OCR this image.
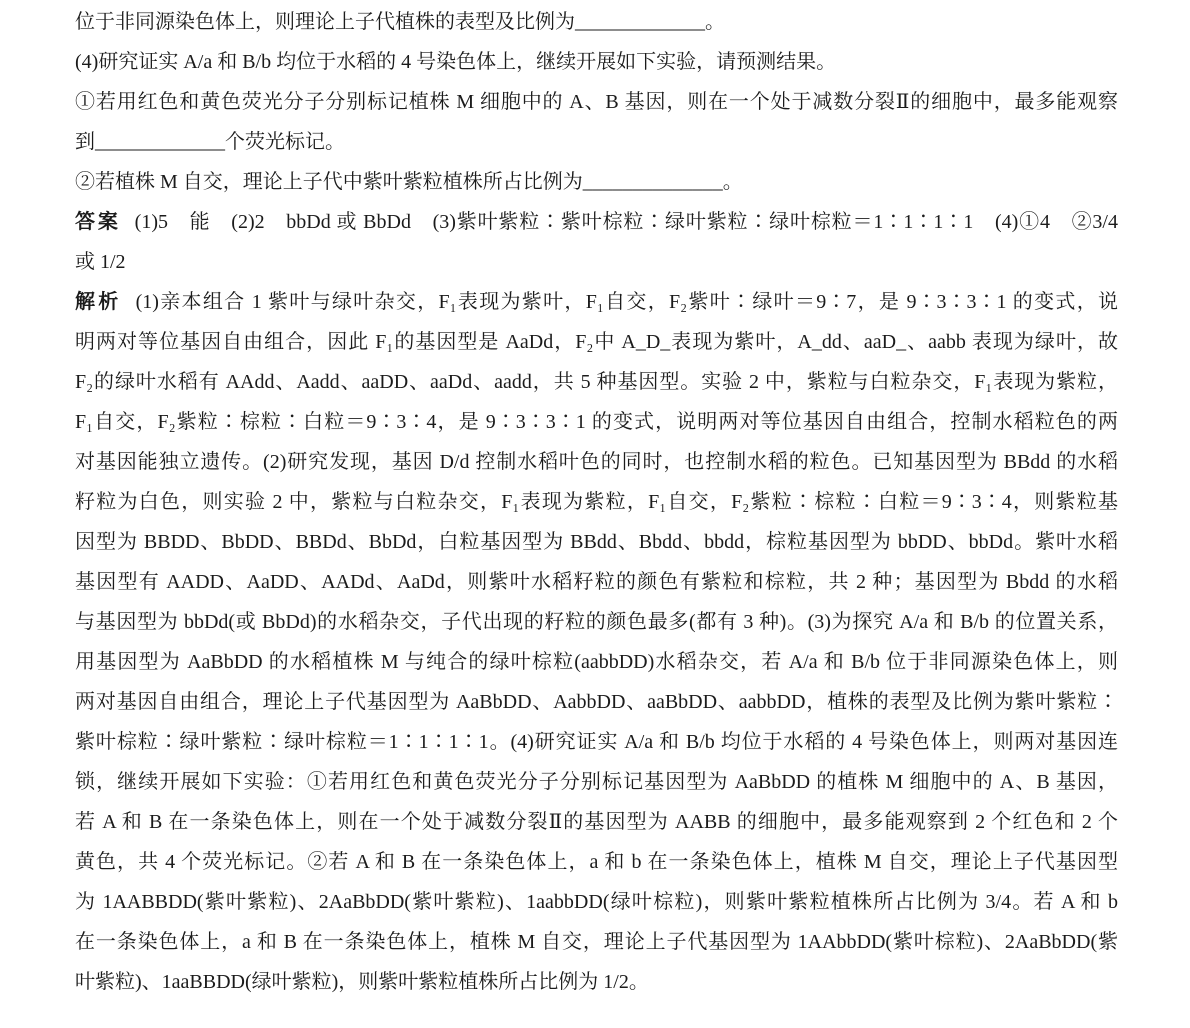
位于非同源染色体上，则理论上子代植株的表型及比例为_____________。
(4)研究证实 A/a 和 B/b 均位于水稻的 4 号染色体上，继续开展如下实验，请预测结果。
①若用红色和黄色荧光分子分别标记植株 M 细胞中的 A、B 基因，则在一个处于减数分裂Ⅱ的细胞中，最多能观察
到_____________个荧光标记。
②若植株 M 自交，理论上子代中紫叶紫粒植株所占比例为______________。
答案 (1)5　能　(2)2　bbDd 或 BbDd　(3)紫叶紫粒∶紫叶棕粒∶绿叶紫粒∶绿叶棕粒＝1∶1∶1∶1　(4)①4　②3/4
或 1/2
解析 (1)亲本组合 1 紫叶与绿叶杂交，F₁表现为紫叶，F₁自交，F₂紫叶∶绿叶＝9∶7，是 9∶3∶3∶1 的变式，说
明两对等位基因自由组合，因此 F₁的基因型是 AaDd，F₂中 A_D_表现为紫叶，A_dd、aaD_、aabb 表现为绿叶，故
F₂的绿叶水稻有 AAdd、Aadd、aaDD、aaDd、aadd，共 5 种基因型。实验 2 中，紫粒与白粒杂交，F₁表现为紫粒，
F₁自交，F₂紫粒∶棕粒∶白粒＝9∶3∶4，是 9∶3∶3∶1 的变式，说明两对等位基因自由组合，控制水稻粒色的两
对基因能独立遗传。(2)研究发现，基因 D/d 控制水稻叶色的同时，也控制水稻的粒色。已知基因型为 BBdd 的水稻
籽粒为白色，则实验 2 中，紫粒与白粒杂交，F₁表现为紫粒，F₁自交，F₂紫粒∶棕粒∶白粒＝9∶3∶4，则紫粒基
因型为 BBDD、BbDD、BBDd、BbDd，白粒基因型为 BBdd、Bbdd、bbdd，棕粒基因型为 bbDD、bbDd。紫叶水稻
基因型有 AADD、AaDD、AADd、AaDd，则紫叶水稻籽粒的颜色有紫粒和棕粒，共 2 种；基因型为 Bbdd 的水稻
与基因型为 bbDd(或 BbDd)的水稻杂交，子代出现的籽粒的颜色最多(都有 3 种)。(3)为探究 A/a 和 B/b 的位置关系，
用基因型为 AaBbDD 的水稻植株 M 与纯合的绿叶棕粒(aabbDD)水稻杂交，若 A/a 和 B/b 位于非同源染色体上，则
两对基因自由组合，理论上子代基因型为 AaBbDD、AabbDD、aaBbDD、aabbDD，植株的表型及比例为紫叶紫粒∶
紫叶棕粒∶绿叶紫粒∶绿叶棕粒＝1∶1∶1∶1。(4)研究证实 A/a 和 B/b 均位于水稻的 4 号染色体上，则两对基因连
锁，继续开展如下实验：①若用红色和黄色荧光分子分别标记基因型为 AaBbDD 的植株 M 细胞中的 A、B 基因，
若 A 和 B 在一条染色体上，则在一个处于减数分裂Ⅱ的基因型为 AABB 的细胞中，最多能观察到 2 个红色和 2 个
黄色，共 4 个荧光标记。②若 A 和 B 在一条染色体上，a 和 b 在一条染色体上，植株 M 自交，理论上子代基因型
为 1AABBDD(紫叶紫粒)、2AaBbDD(紫叶紫粒)、1aabbDD(绿叶棕粒)，则紫叶紫粒植株所占比例为 3/4。若 A 和 b
在一条染色体上，a 和 B 在一条染色体上，植株 M 自交，理论上子代基因型为 1AAbbDD(紫叶棕粒)、2AaBbDD(紫
叶紫粒)、1aaBBDD(绿叶紫粒)，则紫叶紫粒植株所占比例为 1/2。
